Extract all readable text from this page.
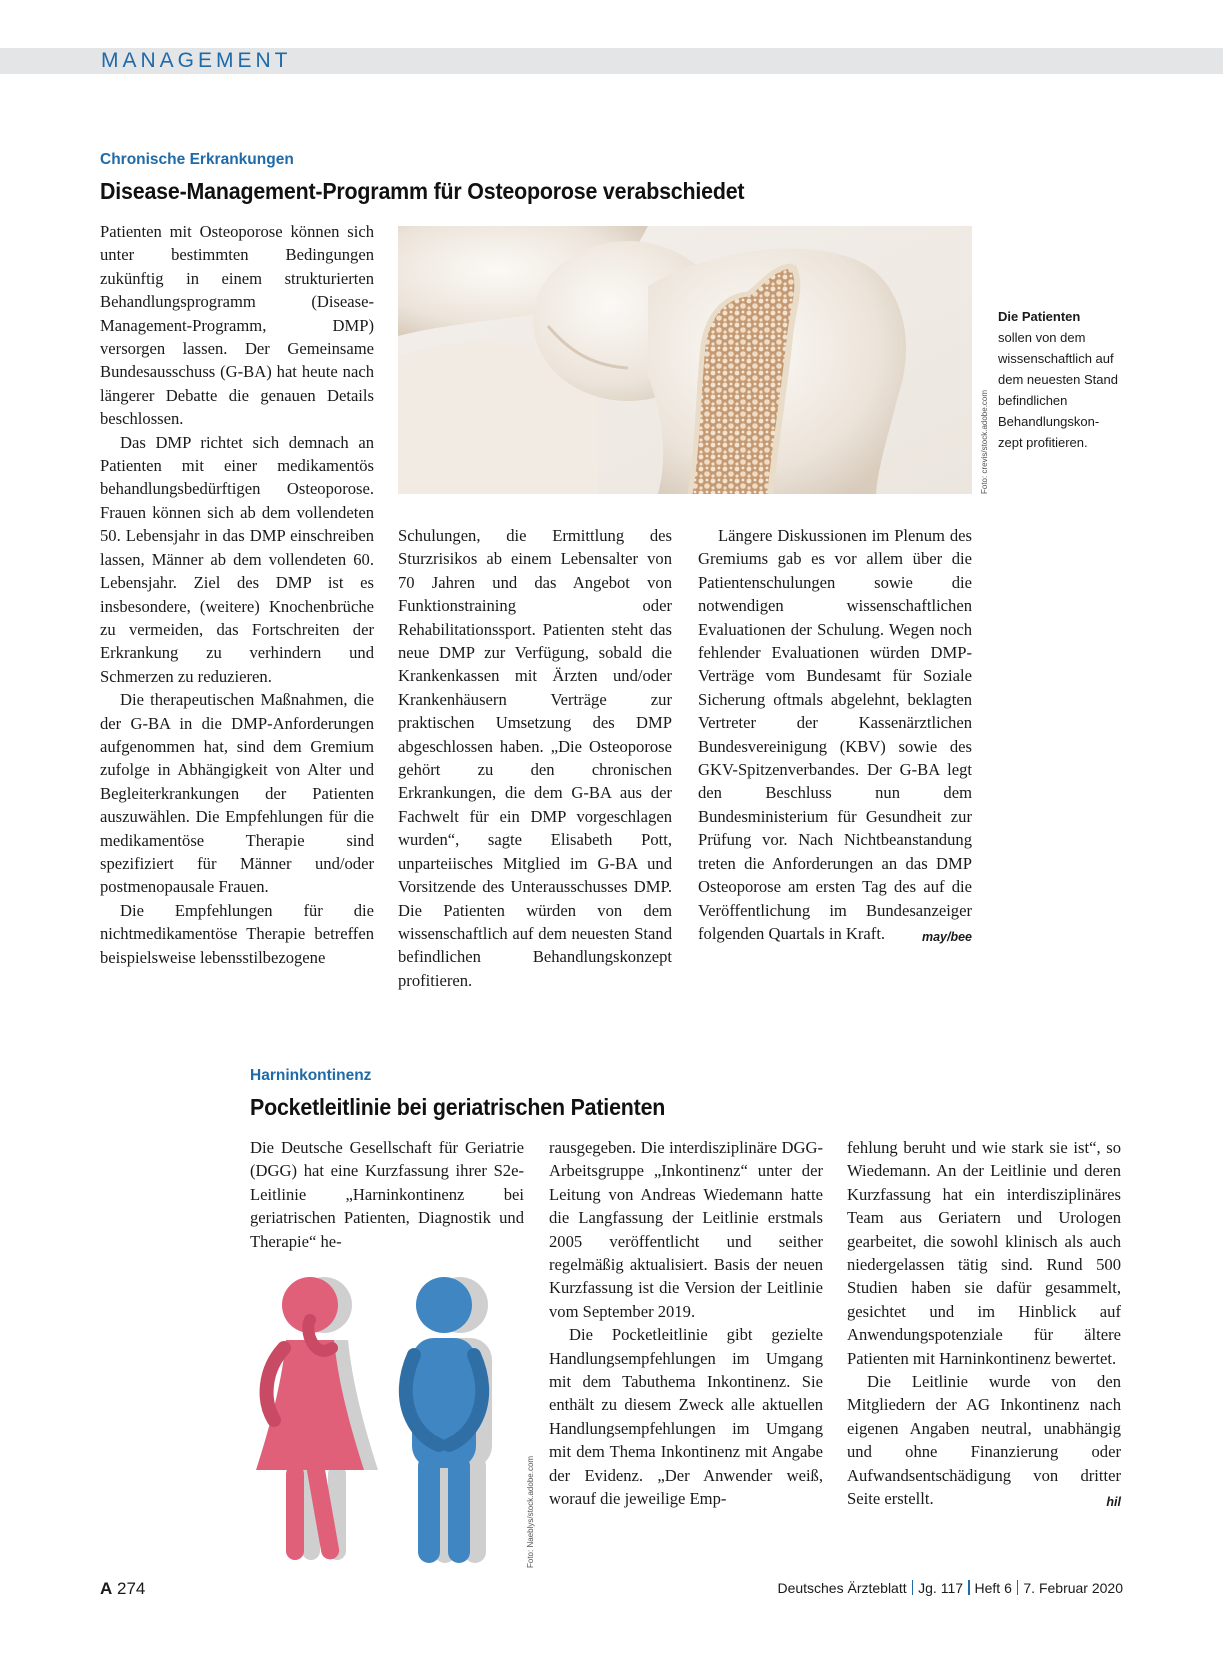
MANAGEMENT
Chronische Erkrankungen
Disease-Management-Programm für Osteoporose verabschiedet
Foto: crevis/stock.adobe.com
Die Patienten
sollen von dem wissenschaftlich auf dem neuesten Stand befindlichen Behandlungskon-zept profitieren.

Patienten mit Osteoporose können sich unter bestimmten Bedingungen zukünftig in einem strukturierten Behandlungsprogramm (Disease-Management-Programm, DMP) versorgen lassen. Der Gemeinsame Bundesausschuss (G-BA) hat heute nach längerer Debatte die genauen Details beschlossen.

Das DMP richtet sich demnach an Patienten mit einer medikamentös behandlungsbedürftigen Osteoporose. Frauen können sich ab dem vollendeten 50. Lebensjahr in das DMP einschreiben lassen, Männer ab dem vollendeten 60. Lebensjahr. Ziel des DMP ist es insbesondere, (weitere) Knochenbrüche zu vermeiden, das Fortschreiten der Erkrankung zu verhindern und Schmerzen zu reduzieren.

Die therapeutischen Maßnahmen, die der G-BA in die DMP-Anforderungen aufgenommen hat, sind dem Gremium zufolge in Abhängigkeit von Alter und Begleiterkrankungen der Patienten auszuwählen. Die Empfehlungen für die medikamentöse Therapie sind spezifiziert für Männer und/oder postmenopausale Frauen.

Die Empfehlungen für die nichtmedikamentöse Therapie betreffen beispielsweise lebensstilbezogene

Schulungen, die Ermittlung des Sturzrisikos ab einem Lebensalter von 70 Jahren und das Angebot von Funktionstraining oder Rehabilitationssport. Patienten steht das neue DMP zur Verfügung, sobald die Krankenkassen mit Ärzten und/oder Krankenhäusern Verträge zur praktischen Umsetzung des DMP abgeschlossen haben. „Die Osteoporose gehört zu den chronischen Erkrankungen, die dem G-BA aus der Fachwelt für ein DMP vorgeschlagen wurden“, sagte Elisabeth Pott, unparteiisches Mitglied im G-BA und Vorsitzende des Unterausschusses DMP. Die Patienten würden von dem wissenschaftlich auf dem neuesten Stand befindlichen Behandlungskonzept profitieren.

Längere Diskussionen im Plenum des Gremiums gab es vor allem über die Patientenschulungen sowie die notwendigen wissenschaftlichen Evaluationen der Schulung. Wegen noch fehlender Evaluationen würden DMP-Verträge vom Bundesamt für Soziale Sicherung oftmals abgelehnt, beklagten Vertreter der Kassenärztlichen Bundesvereinigung (KBV) sowie des GKV-Spitzenverbandes. Der G-BA legt den Beschluss nun dem Bundesministerium für Gesundheit zur Prüfung vor. Nach Nichtbeanstandung treten die Anforderungen an das DMP Osteoporose am ersten Tag des auf die Veröffentlichung im Bundesanzeiger folgenden Quartals in Kraft.	may/bee

Harninkontinenz
Pocketleitlinie bei geriatrischen Patienten

Die Deutsche Gesellschaft für Geriatrie (DGG) hat eine Kurzfassung ihrer S2e-Leitlinie „Harninkontinenz bei geriatrischen Patienten, Diagnostik und Therapie“ he-

Foto: Naeblys/stock.adobe.com

rausgegeben. Die interdisziplinäre DGG-Arbeitsgruppe „Inkontinenz“ unter der Leitung von Andreas Wiedemann hatte die Langfassung der Leitlinie erstmals 2005 veröffentlicht und seither regelmäßig aktualisiert. Basis der neuen Kurzfassung ist die Version der Leitlinie vom September 2019.

Die Pocketleitlinie gibt gezielte Handlungsempfehlungen im Umgang mit dem Tabuthema Inkontinenz. Sie enthält zu diesem Zweck alle aktuellen Handlungsempfehlungen im Umgang mit dem Thema Inkontinenz mit Angabe der Evidenz. „Der Anwender weiß, worauf die jeweilige Emp-

fehlung beruht und wie stark sie ist“, so Wiedemann. An der Leitlinie und deren Kurzfassung hat ein interdisziplinäres Team aus Geriatern und Urologen gearbeitet, die sowohl klinisch als auch niedergelassen tätig sind. Rund 500 Studien haben sie dafür gesammelt, gesichtet und im Hinblick auf Anwendungspotenziale für ältere Patienten mit Harninkontinenz bewertet.

Die Leitlinie wurde von den Mitgliedern der AG Inkontinenz nach eigenen Angaben neutral, unabhängig und ohne Finanzierung oder Aufwandsentschädigung von dritter Seite erstellt.	hil

A 274	Deutsches Ärzteblatt Jg. 117 Heft 6 7. Februar 2020
